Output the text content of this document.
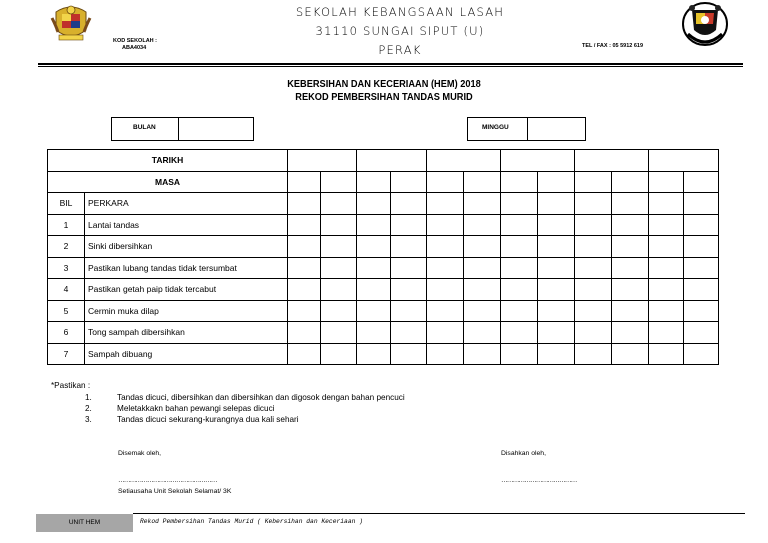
SEKOLAH KEBANGSAAN LASAH
31110 SUNGAI SIPUT (U)
PERAK
KOD SEKOLAH :
ABA4034	TEL / FAX : 05 5912 619
KEBERSIHAN DAN KECERIAAN (HEM) 2018
REKOD PEMBERSIHAN TANDAS MURID
BULAN	MINGGU
TARIKH													
MASA													
BIL	PERKARA												
1	Lantai tandas												
2	Sinki dibersihkan												
3	Pastikan lubang tandas tidak tersumbat												
4	Pastikan getah paip tidak tercabut												
5	Cermin muka dilap												
6	Tong sampah dibersihkan												
7	Sampah dibuang												
*Pastikan :
1.	Tandas dicuci, dibersihkan dan dibersihkan dan digosok dengan bahan pencuci
2.	Meletakkakn bahan pewangi selepas dicuci
3.	Tandas dicuci sekurang-kurangnya dua kali sehari
Disemak oleh,	Disahkan oleh,
……………………………………………	…………………………………
Setiausaha Unit Sekolah Selamat/ 3K
UNIT HEM	Rekod Pembersihan Tandas Murid ( Kebersihan dan Keceriaan )
